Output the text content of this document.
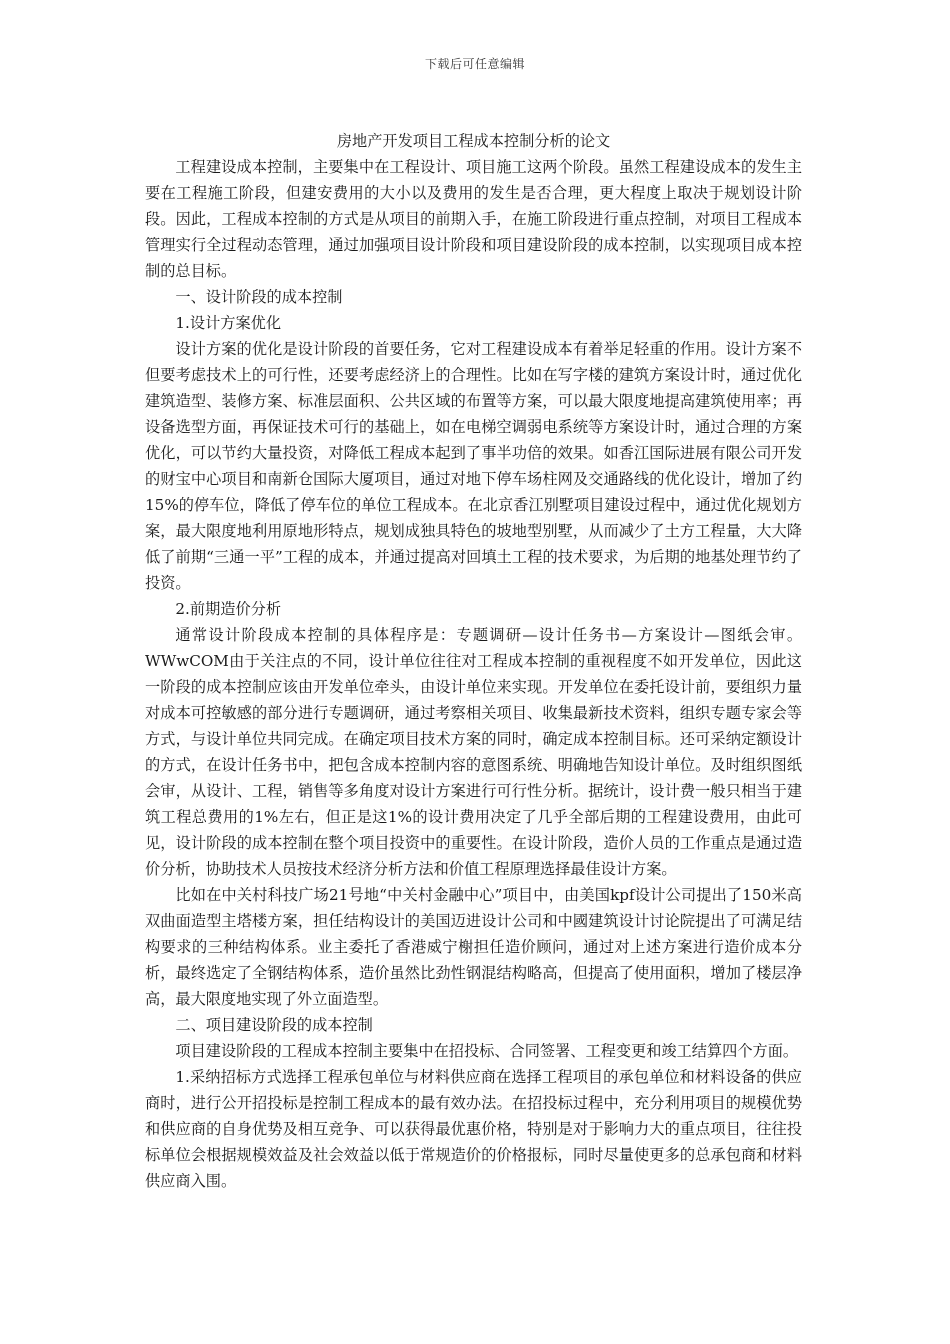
下载后可任意编辑

房地产开发项目工程成本控制分析的论文

工程建设成本控制，主要集中在工程设计、项目施工这两个阶段。虽然工程建设成本的发生主要在工程施工阶段，但建安费用的大小以及费用的发生是否合理，更大程度上取决于规划设计阶段。因此，工程成本控制的方式是从项目的前期入手，在施工阶段进行重点控制，对项目工程成本管理实行全过程动态管理，通过加强项目设计阶段和项目建设阶段的成本控制，以实现项目成本控制的总目标。

一、设计阶段的成本控制

1.设计方案优化

设计方案的优化是设计阶段的首要任务，它对工程建设成本有着举足轻重的作用。设计方案不但要考虑技术上的可行性，还要考虑经济上的合理性。比如在写字楼的建筑方案设计时，通过优化建筑造型、装修方案、标准层面积、公共区域的布置等方案，可以最大限度地提高建筑使用率；再设备选型方面，再保证技术可行的基础上，如在电梯空调弱电系统等方案设计时，通过合理的方案优化，可以节约大量投资，对降低工程成本起到了事半功倍的效果。如香江国际进展有限公司开发的财宝中心项目和南新仓国际大厦项目，通过对地下停车场柱网及交通路线的优化设计，增加了约15%的停车位，降低了停车位的单位工程成本。在北京香江别墅项目建设过程中，通过优化规划方案，最大限度地利用原地形特点，规划成独具特色的坡地型别墅，从而减少了土方工程量，大大降低了前期“三通一平”工程的成本，并通过提高对回填土工程的技术要求，为后期的地基处理节约了投资。

2.前期造价分析

通常设计阶段成本控制的具体程序是：专题调研—设计任务书—方案设计—图纸会审。WWwCOM由于关注点的不同，设计单位往往对工程成本控制的重视程度不如开发单位，因此这一阶段的成本控制应该由开发单位牵头，由设计单位来实现。开发单位在委托设计前，要组织力量对成本可控敏感的部分进行专题调研，通过考察相关项目、收集最新技术资料，组织专题专家会等方式，与设计单位共同完成。在确定项目技术方案的同时，确定成本控制目标。还可采纳定额设计的方式，在设计任务书中，把包含成本控制内容的意图系统、明确地告知设计单位。及时组织图纸会审，从设计、工程，销售等多角度对设计方案进行可行性分析。据统计，设计费一般只相当于建筑工程总费用的1%左右，但正是这1%的设计费用决定了几乎全部后期的工程建设费用，由此可见，设计阶段的成本控制在整个项目投资中的重要性。在设计阶段，造价人员的工作重点是通过造价分析，协助技术人员按技术经济分析方法和价值工程原理选择最佳设计方案。

比如在中关村科技广场21号地“中关村金融中心”项目中，由美国kpf设计公司提出了150米高双曲面造型主塔楼方案，担任结构设计的美国迈进设计公司和中國建筑设计讨论院提出了可满足结构要求的三种结构体系。业主委托了香港威宁榭担任造价顾问，通过对上述方案进行造价成本分析，最终选定了全钢结构体系，造价虽然比劲性钢混结构略高，但提高了使用面积，增加了楼层净高，最大限度地实现了外立面造型。

二、项目建设阶段的成本控制

项目建设阶段的工程成本控制主要集中在招投标、合同签署、工程变更和竣工结算四个方面。

1.采纳招标方式选择工程承包单位与材料供应商在选择工程项目的承包单位和材料设备的供应商时，进行公开招投标是控制工程成本的最有效办法。在招投标过程中，充分利用项目的规模优势和供应商的自身优势及相互竞争、可以获得最优惠价格，特别是对于影响力大的重点项目，往往投标单位会根据规模效益及社会效益以低于常规造价的价格报标，同时尽量使更多的总承包商和材料供应商入围。
